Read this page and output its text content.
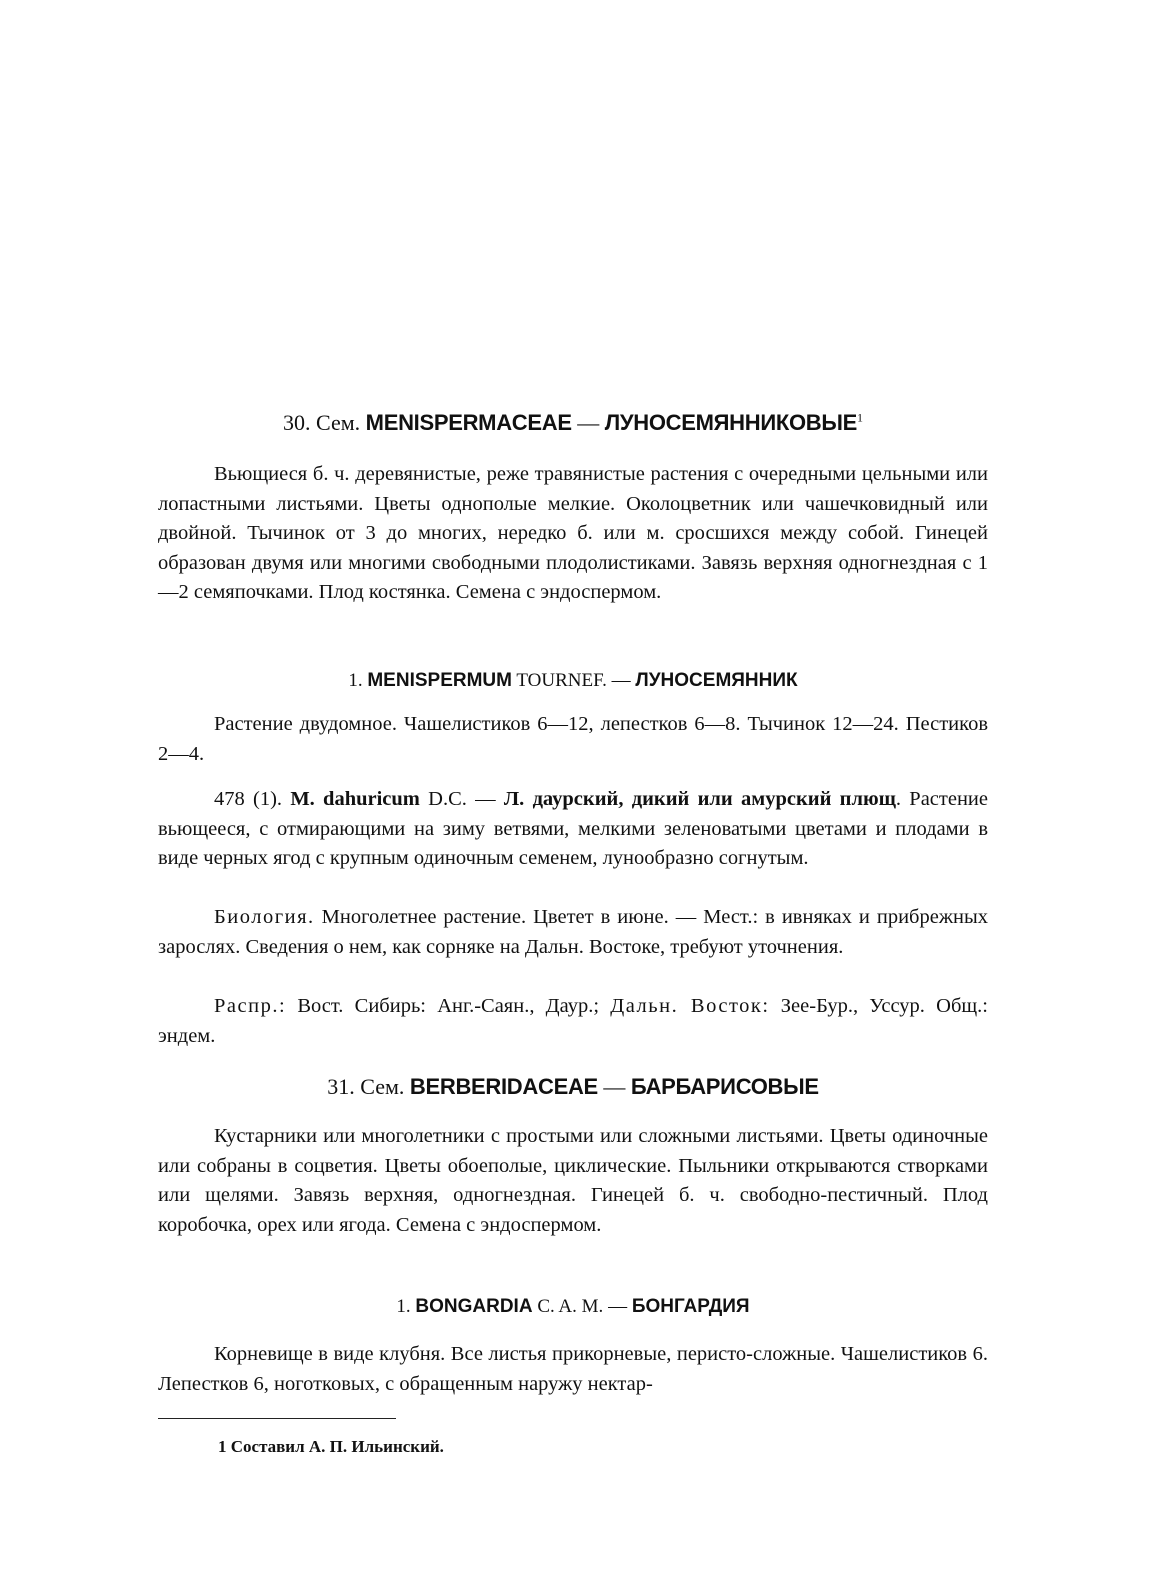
30. Сем. MENISPERMACEAE — ЛУНОСЕМЯННИКОВЫЕ$^1$
Вьющиеся б. ч. деревянистые, реже травянистые растения с очередными цельными или лопастными листьями. Цветы однополые мелкие. Околоцветник или чашечковидный или двойной. Тычинок от 3 до многих, нередко б. или м. сросшихся между собой. Гинецей образован двумя или многими свободными плодолистиками. Завязь верхняя одногнездная с 1—2 семяпочками. Плод костянка. Семена с эндоспермом.
1. MENISPERMUM TOURNEF. — ЛУНОСЕМЯННИК
Растение двудомное. Чашелистиков 6—12, лепестков 6—8. Тычинок 12—24. Пестиков 2—4.
478 (1). M. dahuricum D.C. — Л. даурский, дикий или амурский плющ. Растение вьющееся, с отмирающими на зиму ветвями, мелкими зеленоватыми цветами и плодами в виде черных ягод с крупным одиночным семенем, лунообразно согнутым.
Биология. Многолетнее растение. Цветет в июне. — Мест.: в ивняках и прибрежных зарослях. Сведения о нем, как сорняке на Дальн. Востоке, требуют уточнения.
Распр.: Вост. Сибирь: Анг.-Саян., Даур.; Дальн. Восток: Зее-Бур., Уссур. Общ.: эндем.
31. Сем. BERBERIDACEAE — БАРБАРИСОВЫЕ
Кустарники или многолетники с простыми или сложными листьями. Цветы одиночные или собраны в соцветия. Цветы обоеполые, циклические. Пыльники открываются створками или щелями. Завязь верхняя, одногнездная. Гинецей б. ч. свободно-пестичный. Плод коробочка, орех или ягода. Семена с эндоспермом.
1. BONGARDIA C. A. M. — БОНГАРДИЯ
Корневище в виде клубня. Все листья прикорневые, перисто-сложные. Чашелистиков 6. Лепестков 6, ноготковых, с обращенным наружу нектар-
1 Составил А. П. Ильинский.
